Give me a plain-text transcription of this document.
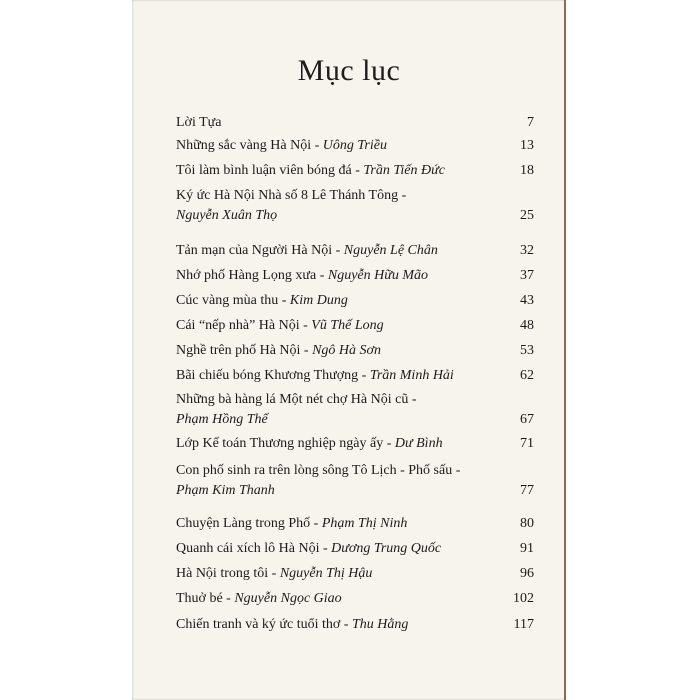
Mục lục
Lời Tựa	7
Những sắc vàng Hà Nội - Uông Triều	13
Tôi làm bình luận viên bóng đá - Trần Tiến Đức	18
Ký ức Hà Nội Nhà số 8 Lê Thánh Tông -
Nguyễn Xuân Thọ	25
Tản mạn của Người Hà Nội - Nguyễn Lệ Chân	32
Nhớ phố Hàng Lọng xưa - Nguyễn Hữu Mão	37
Cúc vàng mùa thu - Kim Dung	43
Cái “nếp nhà” Hà Nội - Vũ Thế Long	48
Nghề trên phố Hà Nội - Ngô Hà Sơn	53
Bãi chiếu bóng Khương Thượng - Trần Minh Hải	62
Những bà hàng lá Một nét chợ Hà Nội cũ -
Phạm Hồng Thế	67
Lớp Kế toán Thương nghiệp ngày ấy - Dư Bình	71
Con phố sinh ra trên lòng sông Tô Lịch - Phố sấu -
Phạm Kim Thanh	77
Chuyện Làng trong Phố - Phạm Thị Ninh	80
Quanh cái xích lô Hà Nội - Dương Trung Quốc	91
Hà Nội trong tôi - Nguyễn Thị Hậu	96
Thuở bé - Nguyễn Ngọc Giao	102
Chiến tranh và ký ức tuổi thơ - Thu Hằng	117
